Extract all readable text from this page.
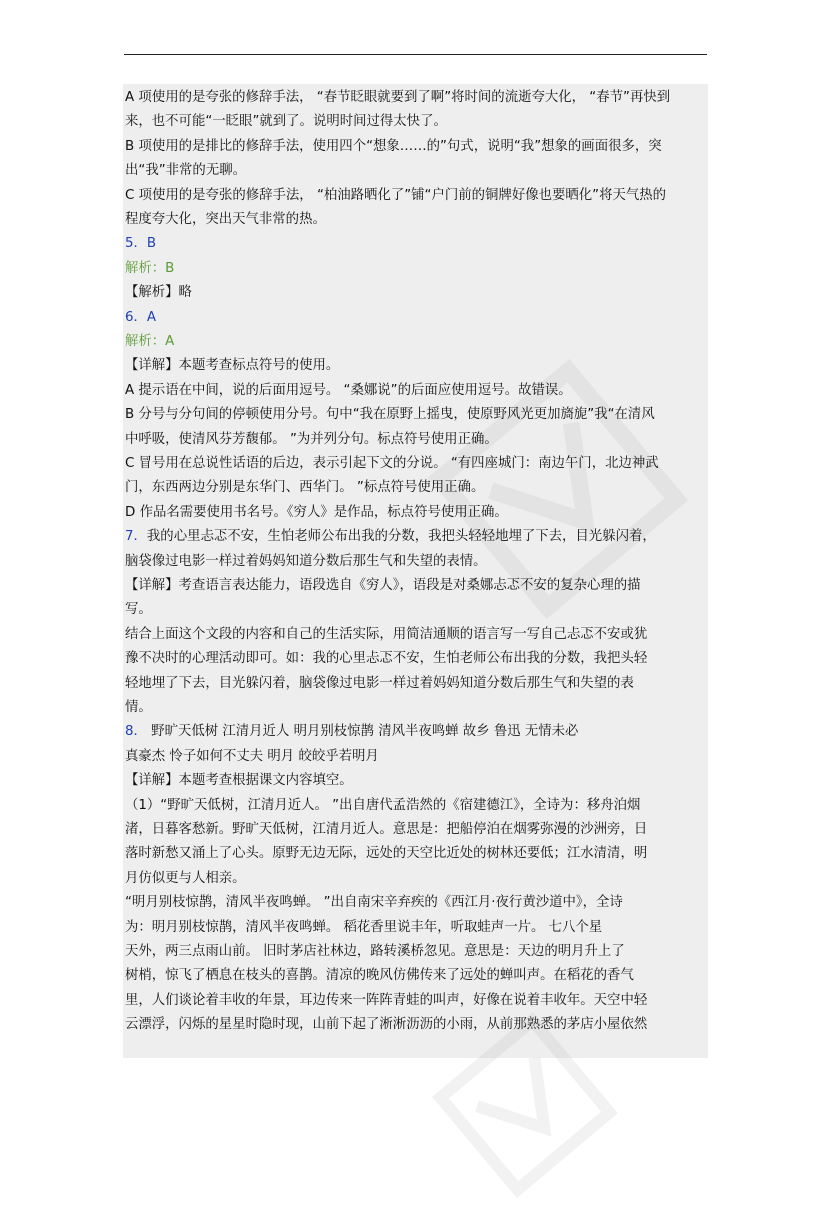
A 项使用的是夸张的修辞手法， “春节眨眼就要到了啊”将时间的流逝夸大化， “春节”再快到
来，也不可能“一眨眼”就到了。说明时间过得太快了。
B 项使用的是排比的修辞手法，使用四个“想象……的”句式，说明“我”想象的画面很多，突
出“我”非常的无聊。
C 项使用的是夸张的修辞手法， “柏油路晒化了”铺“户门前的铜牌好像也要晒化”将天气热的
程度夸大化，突出天气非常的热。
5．B
解析：B
【解析】略
6．A
解析：A
【详解】本题考查标点符号的使用。
A 提示语在中间，说的后面用逗号。 “桑娜说”的后面应使用逗号。故错误。
B 分号与分句间的停顿使用分号。句中“我在原野上摇曳，使原野风光更加旖旎”我“在清风
中呼吸，使清风芬芳馥郁。 ”为并列分句。标点符号使用正确。
C 冒号用在总说性话语的后边，表示引起下文的分说。 “有四座城门：南边午门，北边神武
门，东西两边分别是东华门、西华门。 ”标点符号使用正确。
D 作品名需要使用书名号。《穷人》是作品，标点符号使用正确。
7．我的心里忐忑不安，生怕老师公布出我的分数，我把头轻轻地埋了下去，目光躲闪着，
脑袋像过电影一样过着妈妈知道分数后那生气和失望的表情。
【详解】考查语言表达能力，语段选自《穷人》，语段是对桑娜忐忑不安的复杂心理的描
写。
结合上面这个文段的内容和自己的生活实际，用简洁通顺的语言写一写自己忐忑不安或犹
豫不决时的心理活动即可。如：我的心里忐忑不安，生怕老师公布出我的分数，我把头轻
轻地埋了下去，目光躲闪着，脑袋像过电影一样过着妈妈知道分数后那生气和失望的表
情。
8． 野旷天低树 江清月近人 明月别枝惊鹊 清风半夜鸣蝉 故乡 鲁迅 无情未必
真豪杰 怜子如何不丈夫 明月 皎皎乎若明月
【详解】本题考查根据课文内容填空。
（1）“野旷天低树，江清月近人。 ”出自唐代孟浩然的《宿建德江》，全诗为：移舟泊烟
渚，日暮客愁新。野旷天低树，江清月近人。意思是：把船停泊在烟雾弥漫的沙洲旁，日
落时新愁又涌上了心头。原野无边无际，远处的天空比近处的树林还要低；江水清清，明
月仿似更与人相亲。
“明月别枝惊鹊，清风半夜鸣蝉。 ”出自南宋辛弃疾的《西江月·夜行黄沙道中》，全诗
为：明月别枝惊鹊，清风半夜鸣蝉。 稻花香里说丰年，听取蛙声一片。 七八个星
天外，两三点雨山前。 旧时茅店社林边，路转溪桥忽见。意思是：天边的明月升上了
树梢，惊飞了栖息在枝头的喜鹊。清凉的晚风仿佛传来了远处的蝉叫声。在稻花的香气
里，人们谈论着丰收的年景，耳边传来一阵阵青蛙的叫声，好像在说着丰收年。天空中轻
云漂浮，闪烁的星星时隐时现，山前下起了淅淅沥沥的小雨，从前那熟悉的茅店小屋依然
